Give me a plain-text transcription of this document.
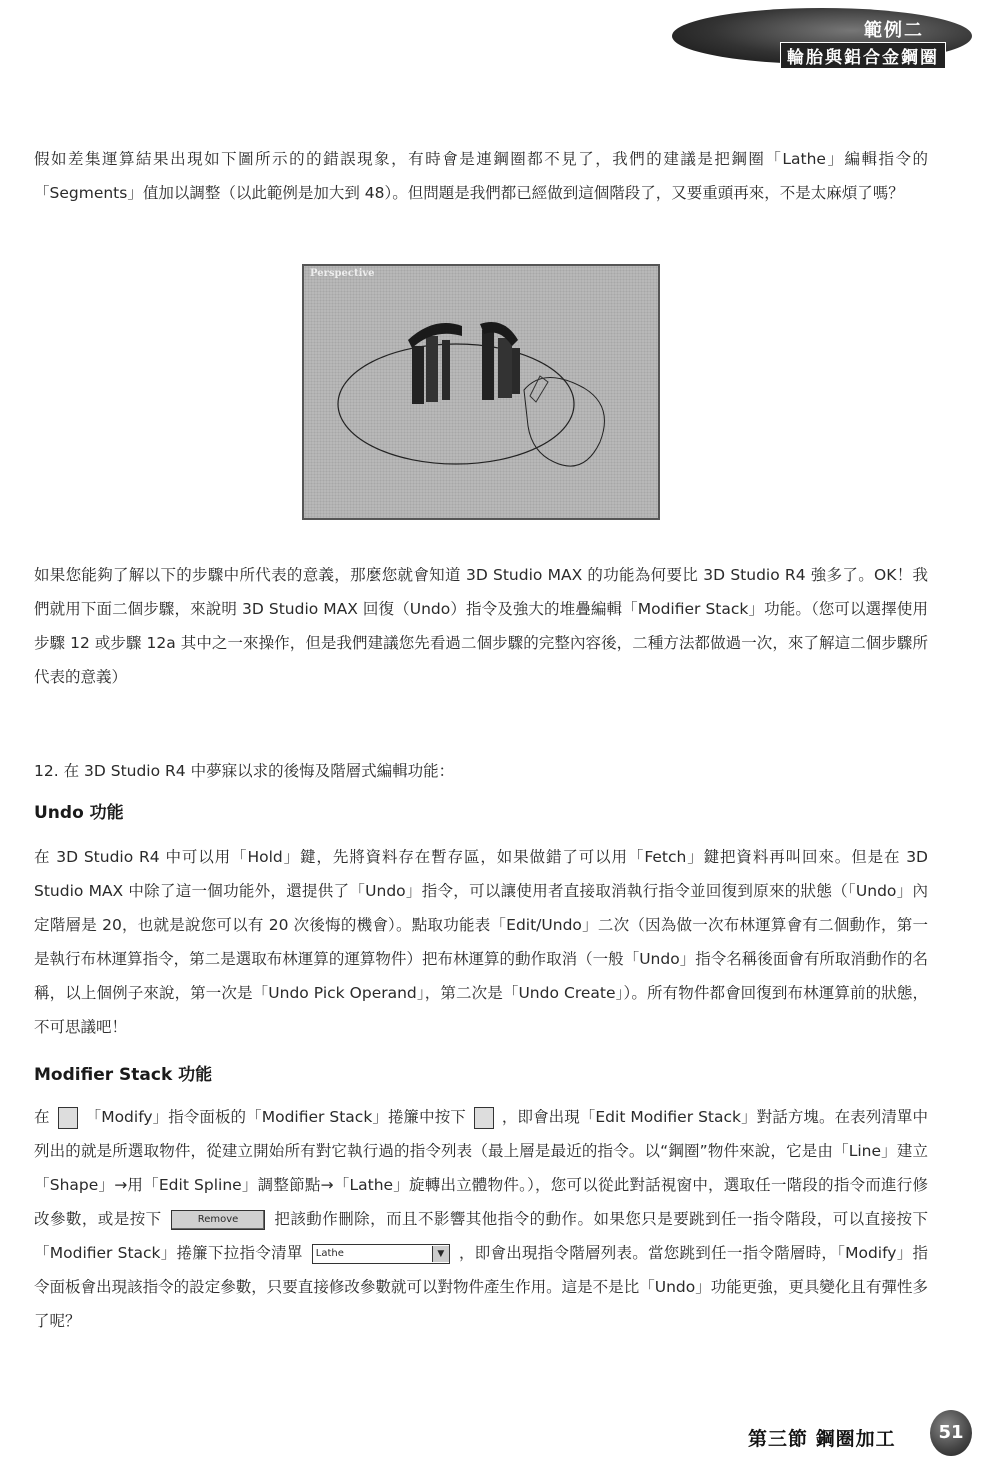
範例二
輪胎與鋁合金鋼圈
假如差集運算結果出現如下圖所示的的錯誤現象，有時會是連鋼圈都不見了，我們的建議是把鋼圈「Lathe」編輯指令的「Segments」值加以調整（以此範例是加大到 48）。但問題是我們都已經做到這個階段了，又要重頭再來，不是太麻煩了嗎？
Perspective
如果您能夠了解以下的步驟中所代表的意義，那麼您就會知道 3D Studio MAX 的功能為何要比 3D Studio R4 強多了。OK！我們就用下面二個步驟，來說明 3D Studio MAX 回復（Undo）指令及強大的堆疊編輯「Modifier Stack」功能。（您可以選擇使用步驟 12 或步驟 12a 其中之一來操作，但是我們建議您先看過二個步驟的完整內容後，二種方法都做過一次，來了解這二個步驟所代表的意義）
12. 在 3D Studio R4 中夢寐以求的後悔及階層式編輯功能：
Undo 功能
在 3D Studio R4 中可以用「Hold」鍵，先將資料存在暫存區，如果做錯了可以用「Fetch」鍵把資料再叫回來。但是在 3D Studio MAX 中除了這一個功能外，還提供了「Undo」指令，可以讓使用者直接取消執行指令並回復到原來的狀態（「Undo」內定階層是 20，也就是說您可以有 20 次後悔的機會）。點取功能表「Edit/Undo」二次（因為做一次布林運算會有二個動作，第一是執行布林運算指令，第二是選取布林運算的運算物件）把布林運算的動作取消（一般「Undo」指令名稱後面會有所取消動作的名稱，以上個例子來說，第一次是「Undo Pick Operand」，第二次是「Undo Create」）。所有物件都會回復到布林運算前的狀態，不可思議吧！
Modifier Stack 功能
在 「Modify」指令面板的「Modifier Stack」捲簾中按下 ，即會出現「Edit Modifier Stack」對話方塊。在表列清單中列出的就是所選取物件，從建立開始所有對它執行過的指令列表（最上層是最近的指令。以“鋼圈”物件來說，它是由「Line」建立「Shape」→用「Edit Spline」調整節點→「Lathe」旋轉出立體物件。），您可以從此對話視窗中，選取任一階段的指令而進行修改參數，或是按下	Remove 把該動作刪除，而且不影響其他指令的動作。如果您只是要跳到任一指令階段，可以直接按下「Modifier Stack」捲簾下拉指令清單	Lathe	▼ ，即會出現指令階層列表。當您跳到任一指令階層時，「Modify」指令面板會出現該指令的設定參數，只要直接修改參數就可以對物件產生作用。這是不是比「Undo」功能更強，更具變化且有彈性多了呢？
第三節 鋼圈加工	51
